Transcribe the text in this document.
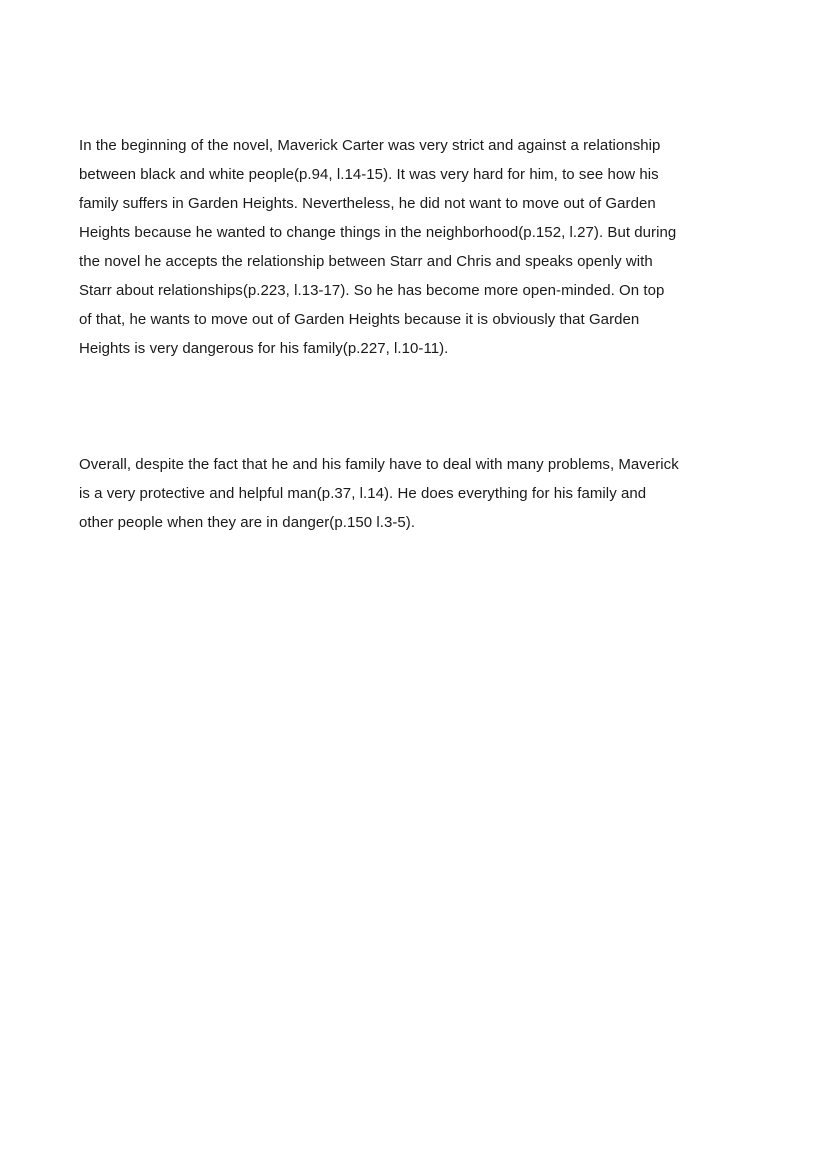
In the beginning of the novel, Maverick Carter was very strict and against a relationship
between black and white people(p.94, l.14-15). It was very hard for him, to see how his
family suffers in Garden Heights. Nevertheless, he did not want to move out of Garden
Heights because he wanted to change things in the neighborhood(p.152, l.27). But during
the novel he accepts the relationship between Starr and Chris and speaks openly with
Starr about relationships(p.223, l.13-17). So he has become more open-minded. On top
of that, he wants to move out of Garden Heights because it is obviously that Garden
Heights is very dangerous for his family(p.227, l.10-11).
Overall, despite the fact that he and his family have to deal with many problems, Maverick
is a very protective and helpful man(p.37, l.14). He does everything for his family and
other people when they are in danger(p.150 l.3-5).
